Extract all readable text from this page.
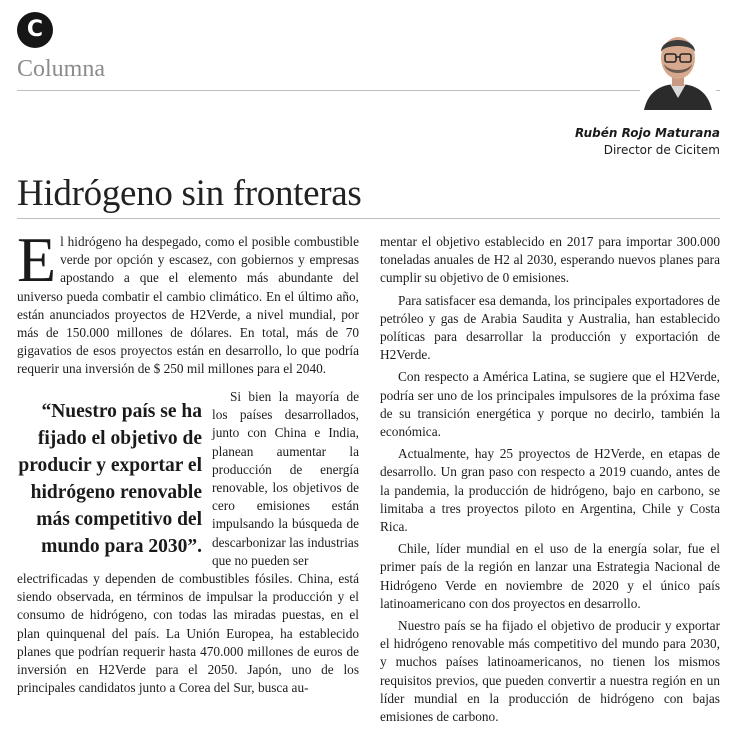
C
Columna
Rubén Rojo Maturana
Director de Cicitem
Hidrógeno sin fronteras
E l hidrógeno ha despegado, como el posible combustible verde por opción y escasez, con gobiernos y empresas apostando a que el elemento más abundante del universo pueda combatir el cambio climático. En el último año, están anunciados proyectos de H2Verde, a nivel mundial, por más de 150.000 millones de dólares. En total, más de 70 gigavatios de esos proyectos están en desarrollo, lo que podría requerir una inversión de $ 250 mil millones para el 2040.
“Nuestro país se ha fijado el objetivo de producir y exportar el hidrógeno renovable más competitivo del mundo para 2030”.

Si bien la mayoría de los países desarrollados, junto con China e India, planean aumentar la producción de energía renovable, los objetivos de cero emisiones están impulsando la búsqueda de descarbonizar las industrias que no pueden ser

electrificadas y dependen de combustibles fósiles. China, está siendo observada, en términos de impulsar la producción y el consumo de hidrógeno, con todas las miradas puestas, en el plan quinquenal del país. La Unión Europea, ha establecido planes que podrían requerir hasta 470.000 millones de euros de inversión en H2Verde para el 2050. Japón, uno de los principales candidatos junto a Corea del Sur, busca au-

mentar el objetivo establecido en 2017 para importar 300.000 toneladas anuales de H2 al 2030, esperando nuevos planes para cumplir su objetivo de 0 emisiones.

Para satisfacer esa demanda, los principales exportadores de petróleo y gas de Arabia Saudita y Australia, han establecido políticas para desarrollar la producción y exportación de H2Verde.

Con respecto a América Latina, se sugiere que el H2Verde, podría ser uno de los principales impulsores de la próxima fase de su transición energética y porque no decirlo, también la económica.

Actualmente, hay 25 proyectos de H2Verde, en etapas de desarrollo. Un gran paso con respecto a 2019 cuando, antes de la pandemia, la producción de hidrógeno, bajo en carbono, se limitaba a tres proyectos piloto en Argentina, Chile y Costa Rica.

Chile, líder mundial en el uso de la energía solar, fue el primer país de la región en lanzar una Estrategia Nacional de Hidrógeno Verde en noviembre de 2020 y el único país latinoamericano con dos proyectos en desarrollo.

Nuestro país se ha fijado el objetivo de producir y exportar el hidrógeno renovable más competitivo del mundo para 2030, y muchos países latinoamericanos, no tienen los mismos requisitos previos, que pueden convertir a nuestra región en un líder mundial en la producción de hidrógeno con bajas emisiones de carbono.
